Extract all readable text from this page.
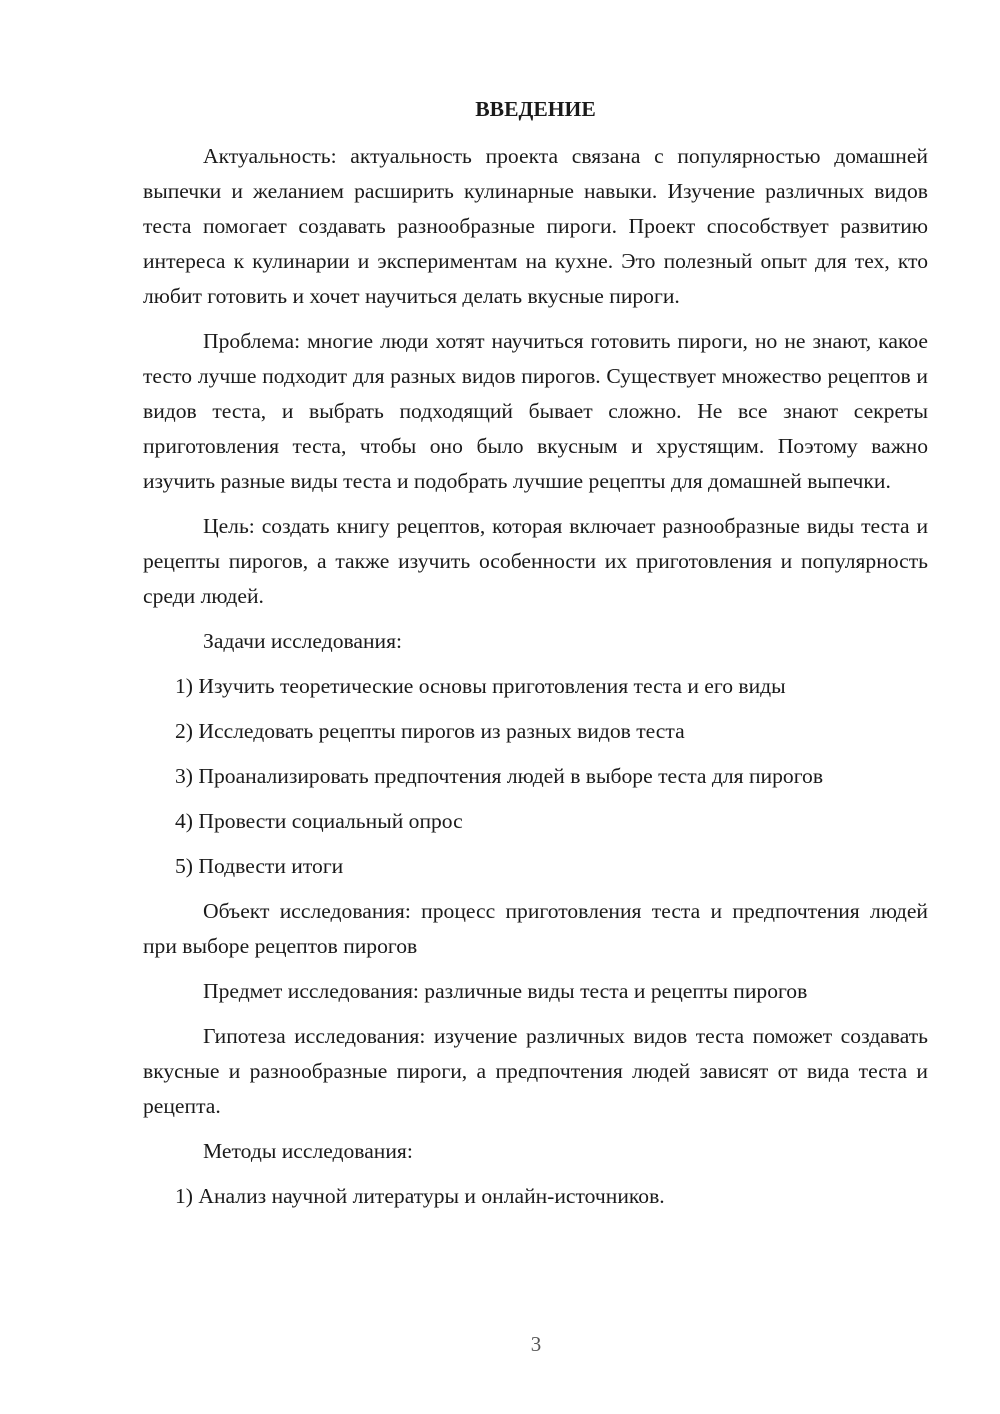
ВВЕДЕНИЕ

Актуальность: актуальность проекта связана с популярностью домашней выпечки и желанием расширить кулинарные навыки. Изучение различных видов теста помогает создавать разнообразные пироги. Проект способствует развитию интереса к кулинарии и экспериментам на кухне. Это полезный опыт для тех, кто любит готовить и хочет научиться делать вкусные пироги.

Проблема: многие люди хотят научиться готовить пироги, но не знают, какое тесто лучше подходит для разных видов пирогов. Существует множество рецептов и видов теста, и выбрать подходящий бывает сложно. Не все знают секреты приготовления теста, чтобы оно было вкусным и хрустящим. Поэтому важно изучить разные виды теста и подобрать лучшие рецепты для домашней выпечки.

Цель: создать книгу рецептов, которая включает разнообразные виды теста и рецепты пирогов, а также изучить особенности их приготовления и популярность среди людей.

Задачи исследования:
1) Изучить теоретические основы приготовления теста и его виды
2) Исследовать рецепты пирогов из разных видов теста
3) Проанализировать предпочтения людей в выборе теста для пирогов
4) Провести социальный опрос
5) Подвести итоги

Объект исследования: процесс приготовления теста и предпочтения людей при выборе рецептов пирогов

Предмет исследования: различные виды теста и рецепты пирогов

Гипотеза исследования: изучение различных видов теста поможет создавать вкусные и разнообразные пироги, а предпочтения людей зависят от вида теста и рецепта.

Методы исследования:
1) Анализ научной литературы и онлайн-источников.
3
